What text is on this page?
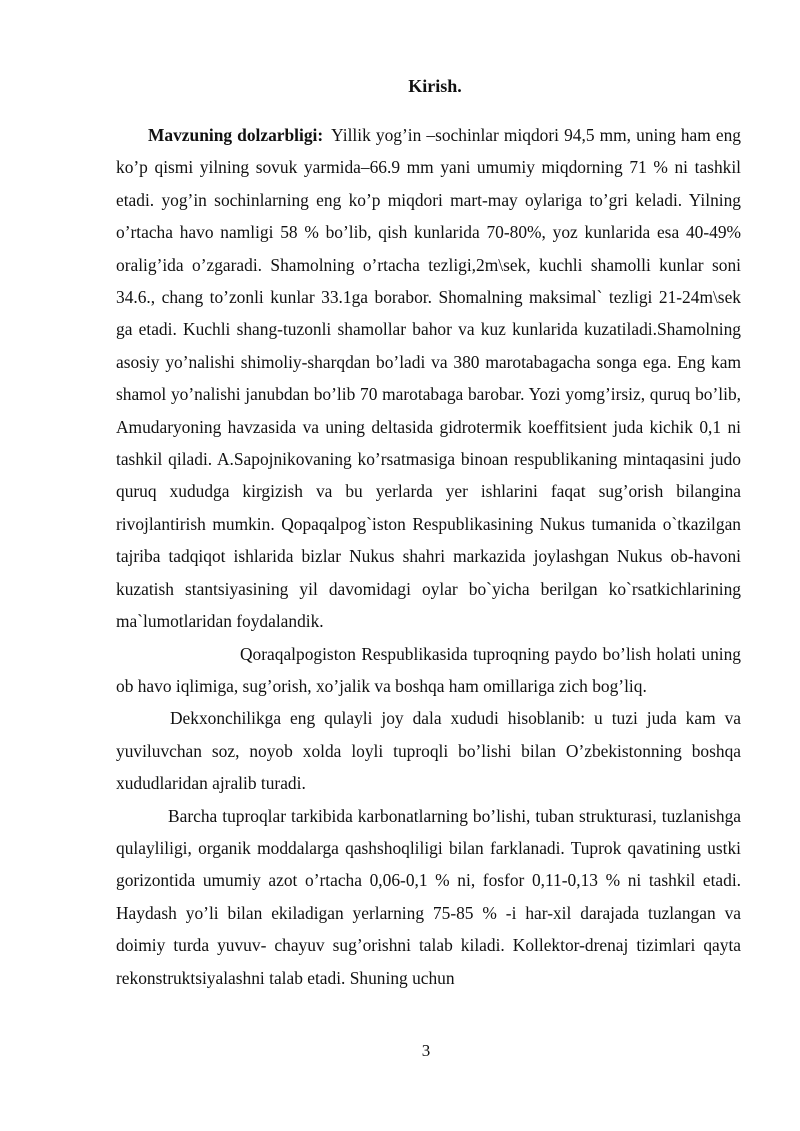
Kirish.

Mavzuning dolzarbligi: Yillik yog’in –sochinlar miqdori 94,5 mm, uning ham eng ko’p qismi yilning sovuk yarmida–66.9 mm yani umumiy miqdorning 71 % ni tashkil etadi. yog’in sochinlarning eng ko’p miqdori mart-may oylariga to’gri keladi. Yilning o’rtacha havo namligi 58 % bo’lib, qish kunlarida 70-80%, yoz kunlarida esa 40-49% oralig’ida o’zgaradi. Shamolning o’rtacha tezligi,2m\sek, kuchli shamolli kunlar soni 34.6., chang to’zonli kunlar 33.1ga borabor. Shomalning maksimal` tezligi 21-24m\sek ga etadi. Kuchli shang-tuzonli shamollar bahor va kuz kunlarida kuzatiladi.Shamolning asosiy yo’nalishi shimoliy-sharqdan bo’ladi va 380 marotabagacha songa ega. Eng kam shamol yo’nalishi janubdan bo’lib 70 marotabaga barobar. Yozi yomg’irsiz, quruq bo’lib, Amudaryoning havzasida va uning deltasida gidrotermik koeffitsient juda kichik 0,1 ni tashkil qiladi. A.Sapojnikovaning ko’rsatmasiga binoan respublikaning mintaqasini judo quruq xududga kirgizish va bu yerlarda yer ishlarini faqat sug’orish bilangina rivojlantirish mumkin. Qopaqalpog`iston Respublikasining Nukus tumanida o`tkazilgan tajriba tadqiqot ishlarida bizlar Nukus shahri markazida joylashgan Nukus ob-havoni kuzatish stantsiyasining yil davomidagi oylar bo`yicha berilgan ko`rsatkichlarining ma`lumotlaridan foydalandik.

Qoraqalpogiston Respublikasida tuproqning paydo bo’lish holati uning ob havo iqlimiga, sug’orish, xo’jalik va boshqa ham omillariga zich bog’liq.

Dekxonchilikga eng qulayli joy dala xududi hisoblanib: u tuzi juda kam va yuviluvchan soz, noyob xolda loyli tuproqli bo’lishi bilan O’zbekistonning boshqa xududlaridan ajralib turadi.

Barcha tuproqlar tarkibida karbonatlarning bo’lishi, tuban strukturasi, tuzlanishga qulayliligi, organik moddalarga qashshoqliligi bilan farklanadi. Tuprok qavatining ustki gorizontida umumiy azot o’rtacha 0,06-0,1 % ni, fosfor 0,11-0,13 % ni tashkil etadi. Haydash yo’li bilan ekiladigan yerlarning 75-85 % -i har-xil darajada tuzlangan va doimiy turda yuvuv- chayuv sug’orishni talab kiladi. Kollektor-drenaj tizimlari qayta rekonstruktsiyalashni talab etadi. Shuning uchun

3
